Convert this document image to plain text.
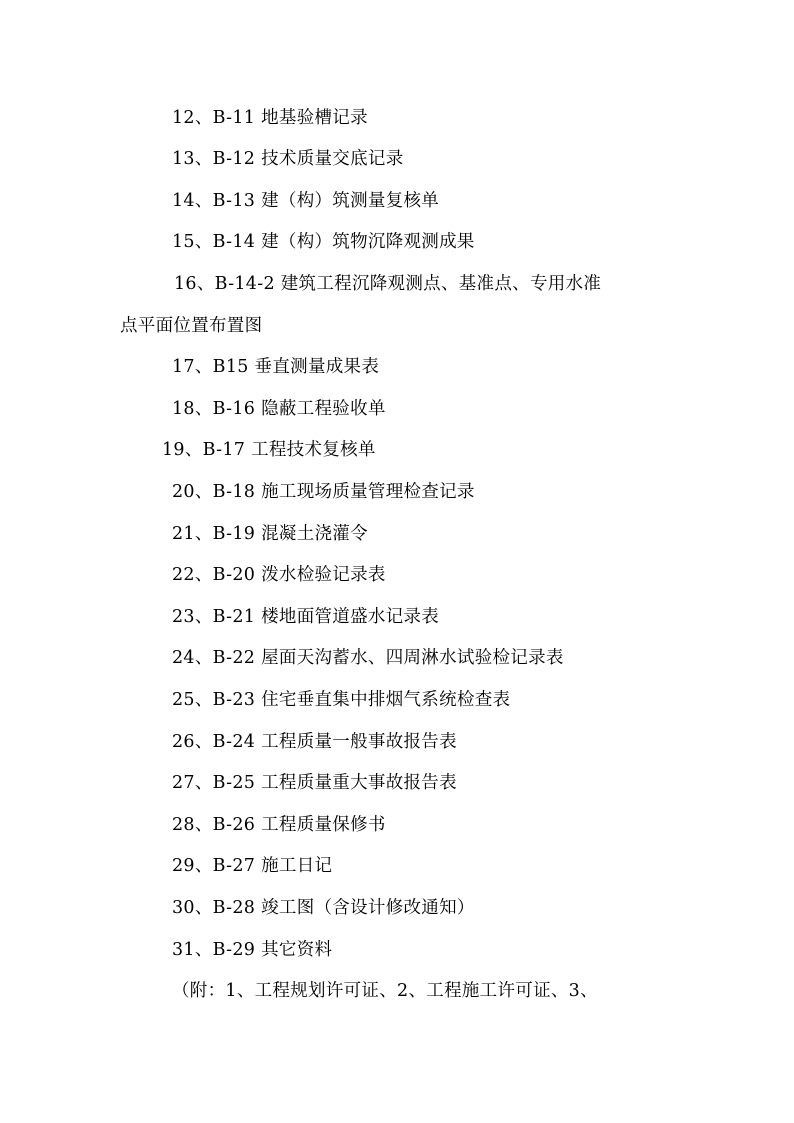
12、B-11 地基验槽记录
13、B-12 技术质量交底记录
14、B-13 建（构）筑测量复核单
15、B-14 建（构）筑物沉降观测成果
16、B-14-2 建筑工程沉降观测点、基准点、专用水准
点平面位置布置图
17、B15 垂直测量成果表
18、B-16 隐蔽工程验收单
19、B-17 工程技术复核单
20、B-18 施工现场质量管理检查记录
21、B-19 混凝土浇灌令
22、B-20 泼水检验记录表
23、B-21 楼地面管道盛水记录表
24、B-22 屋面天沟蓄水、四周淋水试验检记录表
25、B-23 住宅垂直集中排烟气系统检查表
26、B-24 工程质量一般事故报告表
27、B-25 工程质量重大事故报告表
28、B-26 工程质量保修书
29、B-27 施工日记
30、B-28 竣工图（含设计修改通知）
31、B-29 其它资料
（附：1、工程规划许可证、2、工程施工许可证、3、
